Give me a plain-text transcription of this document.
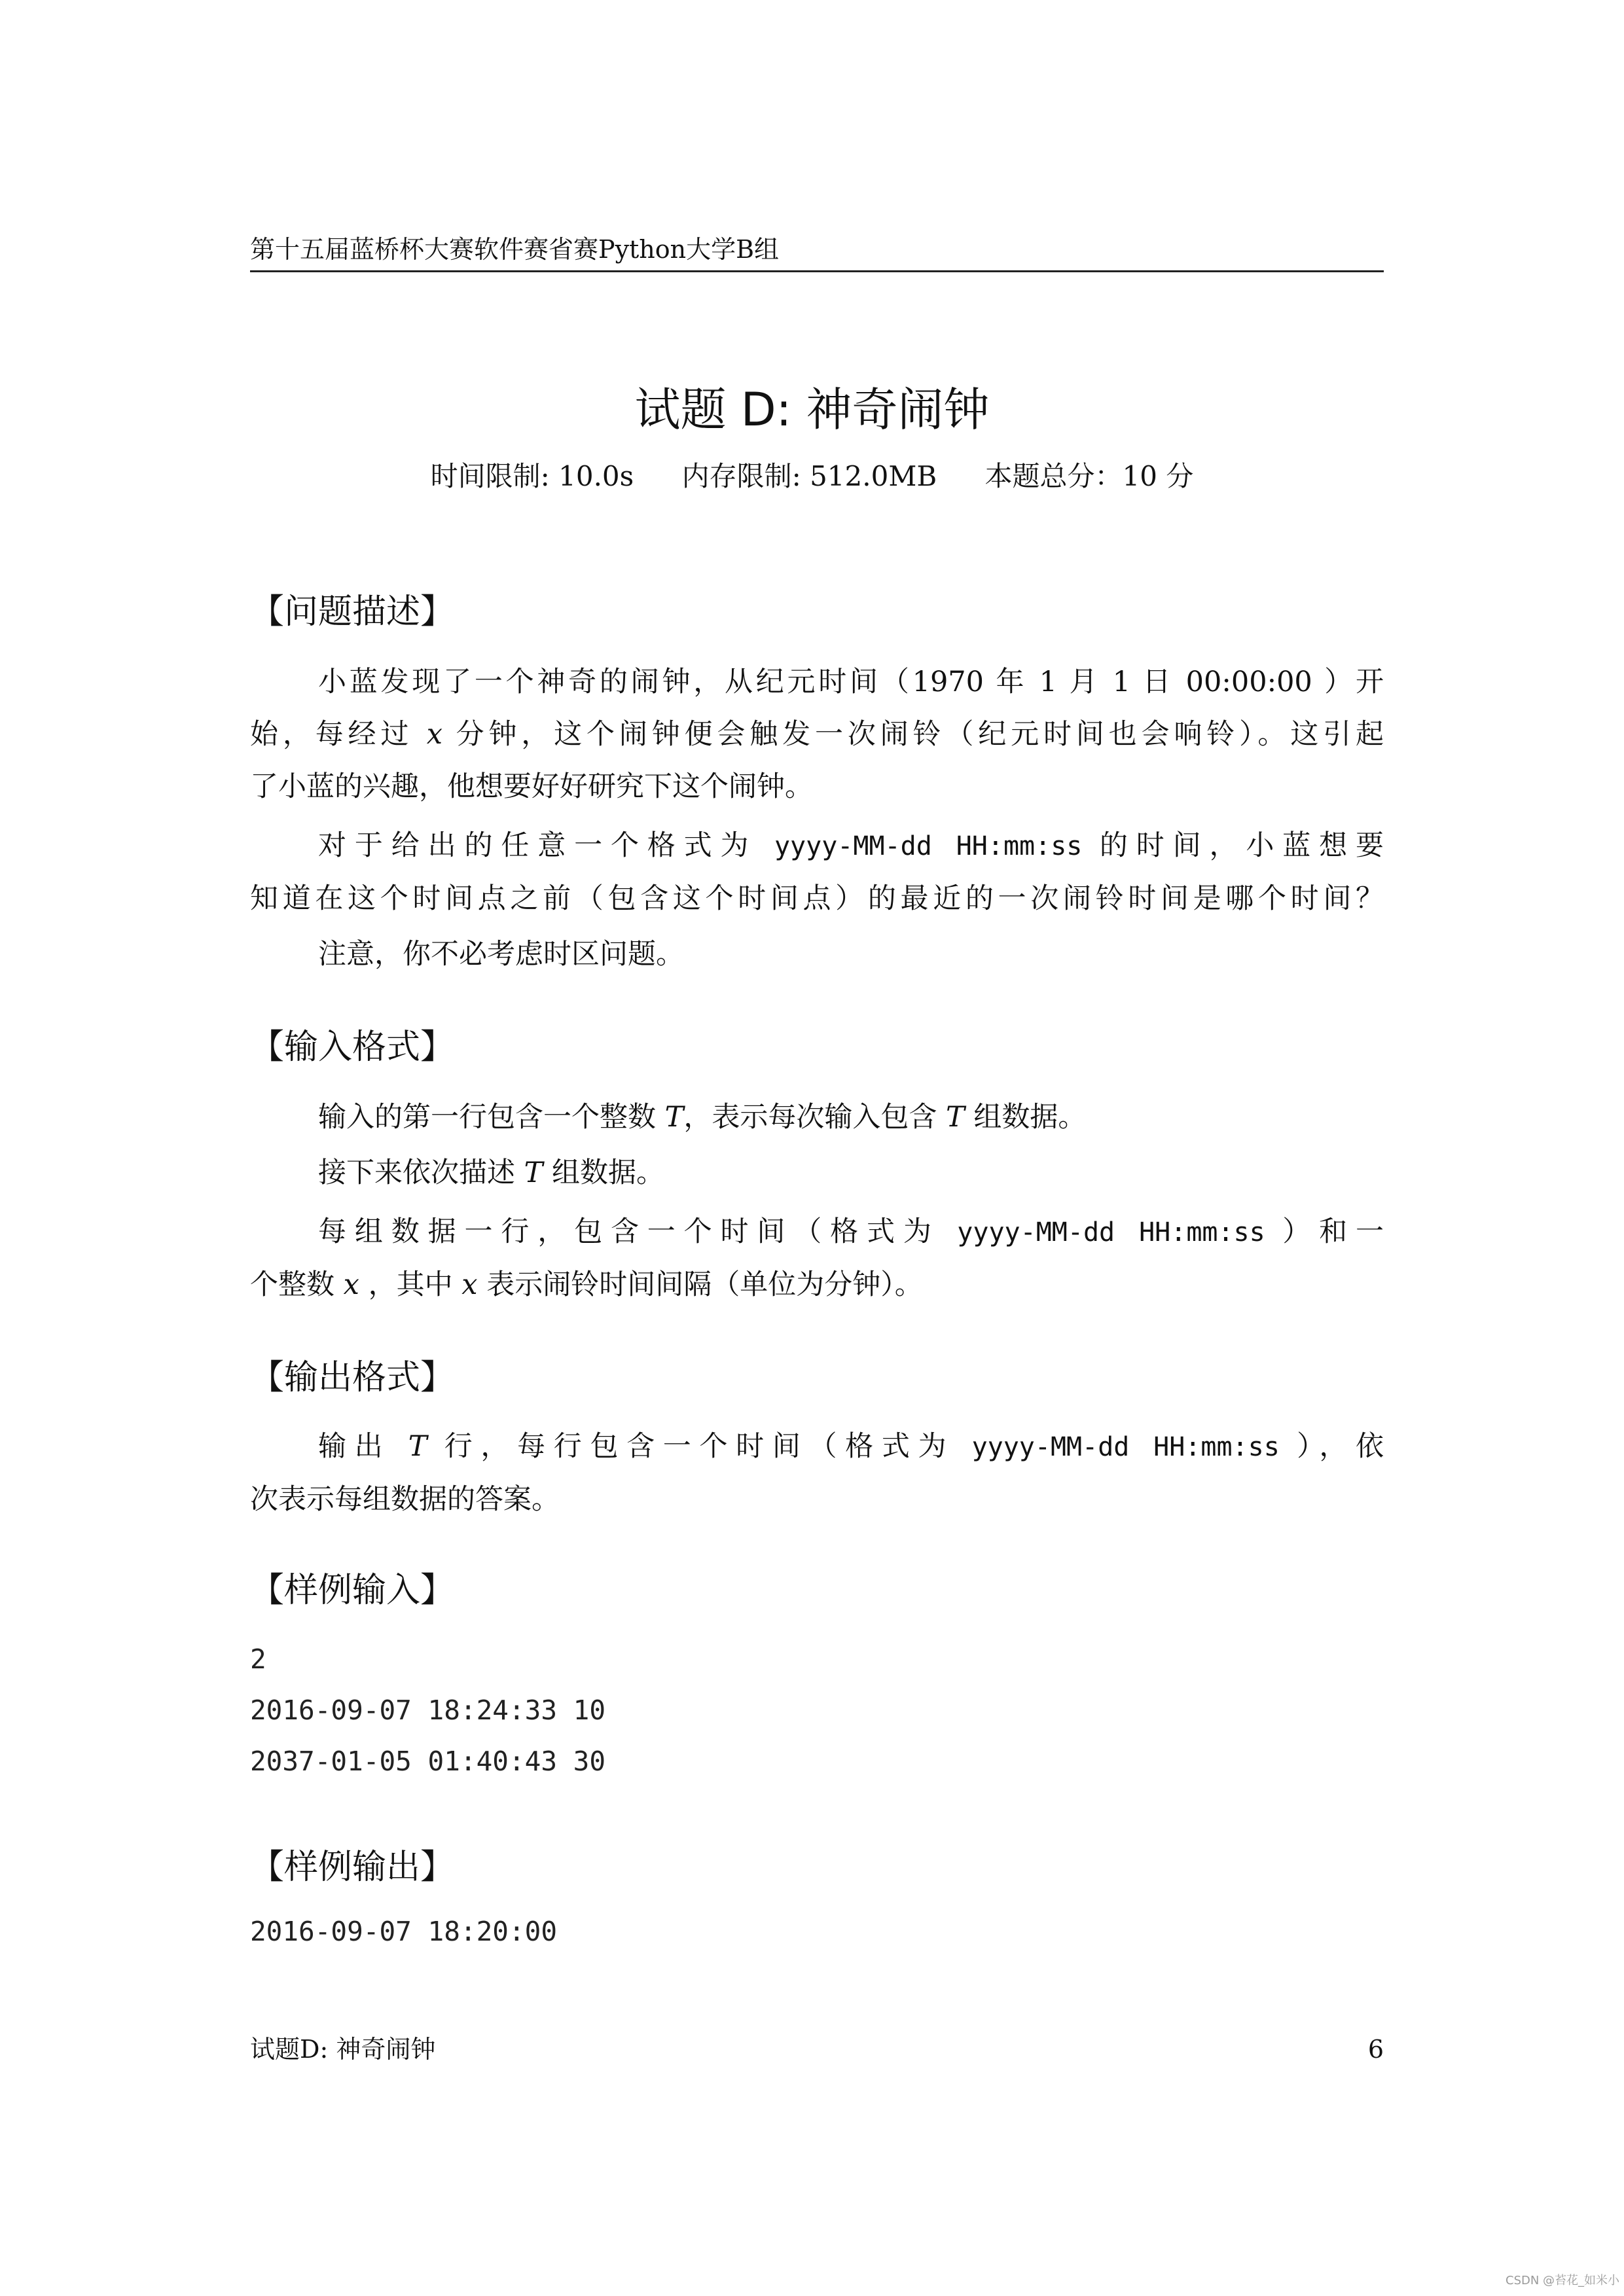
第十五届蓝桥杯大赛软件赛省赛Python大学B组
试题 D: 神奇闹钟
时间限制: 10.0s 内存限制: 512.0MB 本题总分：10 分
【问题描述】
小蓝发现了一个神奇的闹钟，从纪元时间（1970 年 1 月 1 日 00:00:00 ）开
始，每经过 x 分钟，这个闹钟便会触发一次闹铃（纪元时间也会响铃）。这引起
了小蓝的兴趣，他想要好好研究下这个闹钟。
对于给出的任意一个格式为 yyyy-MM-dd HH:mm:ss 的时间，小蓝想要
知道在这个时间点之前（包含这个时间点）的最近的一次闹铃时间是哪个时间？
注意，你不必考虑时区问题。
【输入格式】
输入的第一行包含一个整数 T，表示每次输入包含 T 组数据。
接下来依次描述 T 组数据。
每组数据一行，包含一个时间（格式为 yyyy-MM-dd HH:mm:ss ）和一
个整数 x ，其中 x 表示闹铃时间间隔（单位为分钟）。
【输出格式】
输出 T 行，每行包含一个时间（格式为 yyyy-MM-dd HH:mm:ss ），依
次表示每组数据的答案。
【样例输入】
2
2016-09-07 18:24:33 10
2037-01-05 01:40:43 30
【样例输出】
2016-09-07 18:20:00
试题D: 神奇闹钟	6
CSDN @苔花_如米小
